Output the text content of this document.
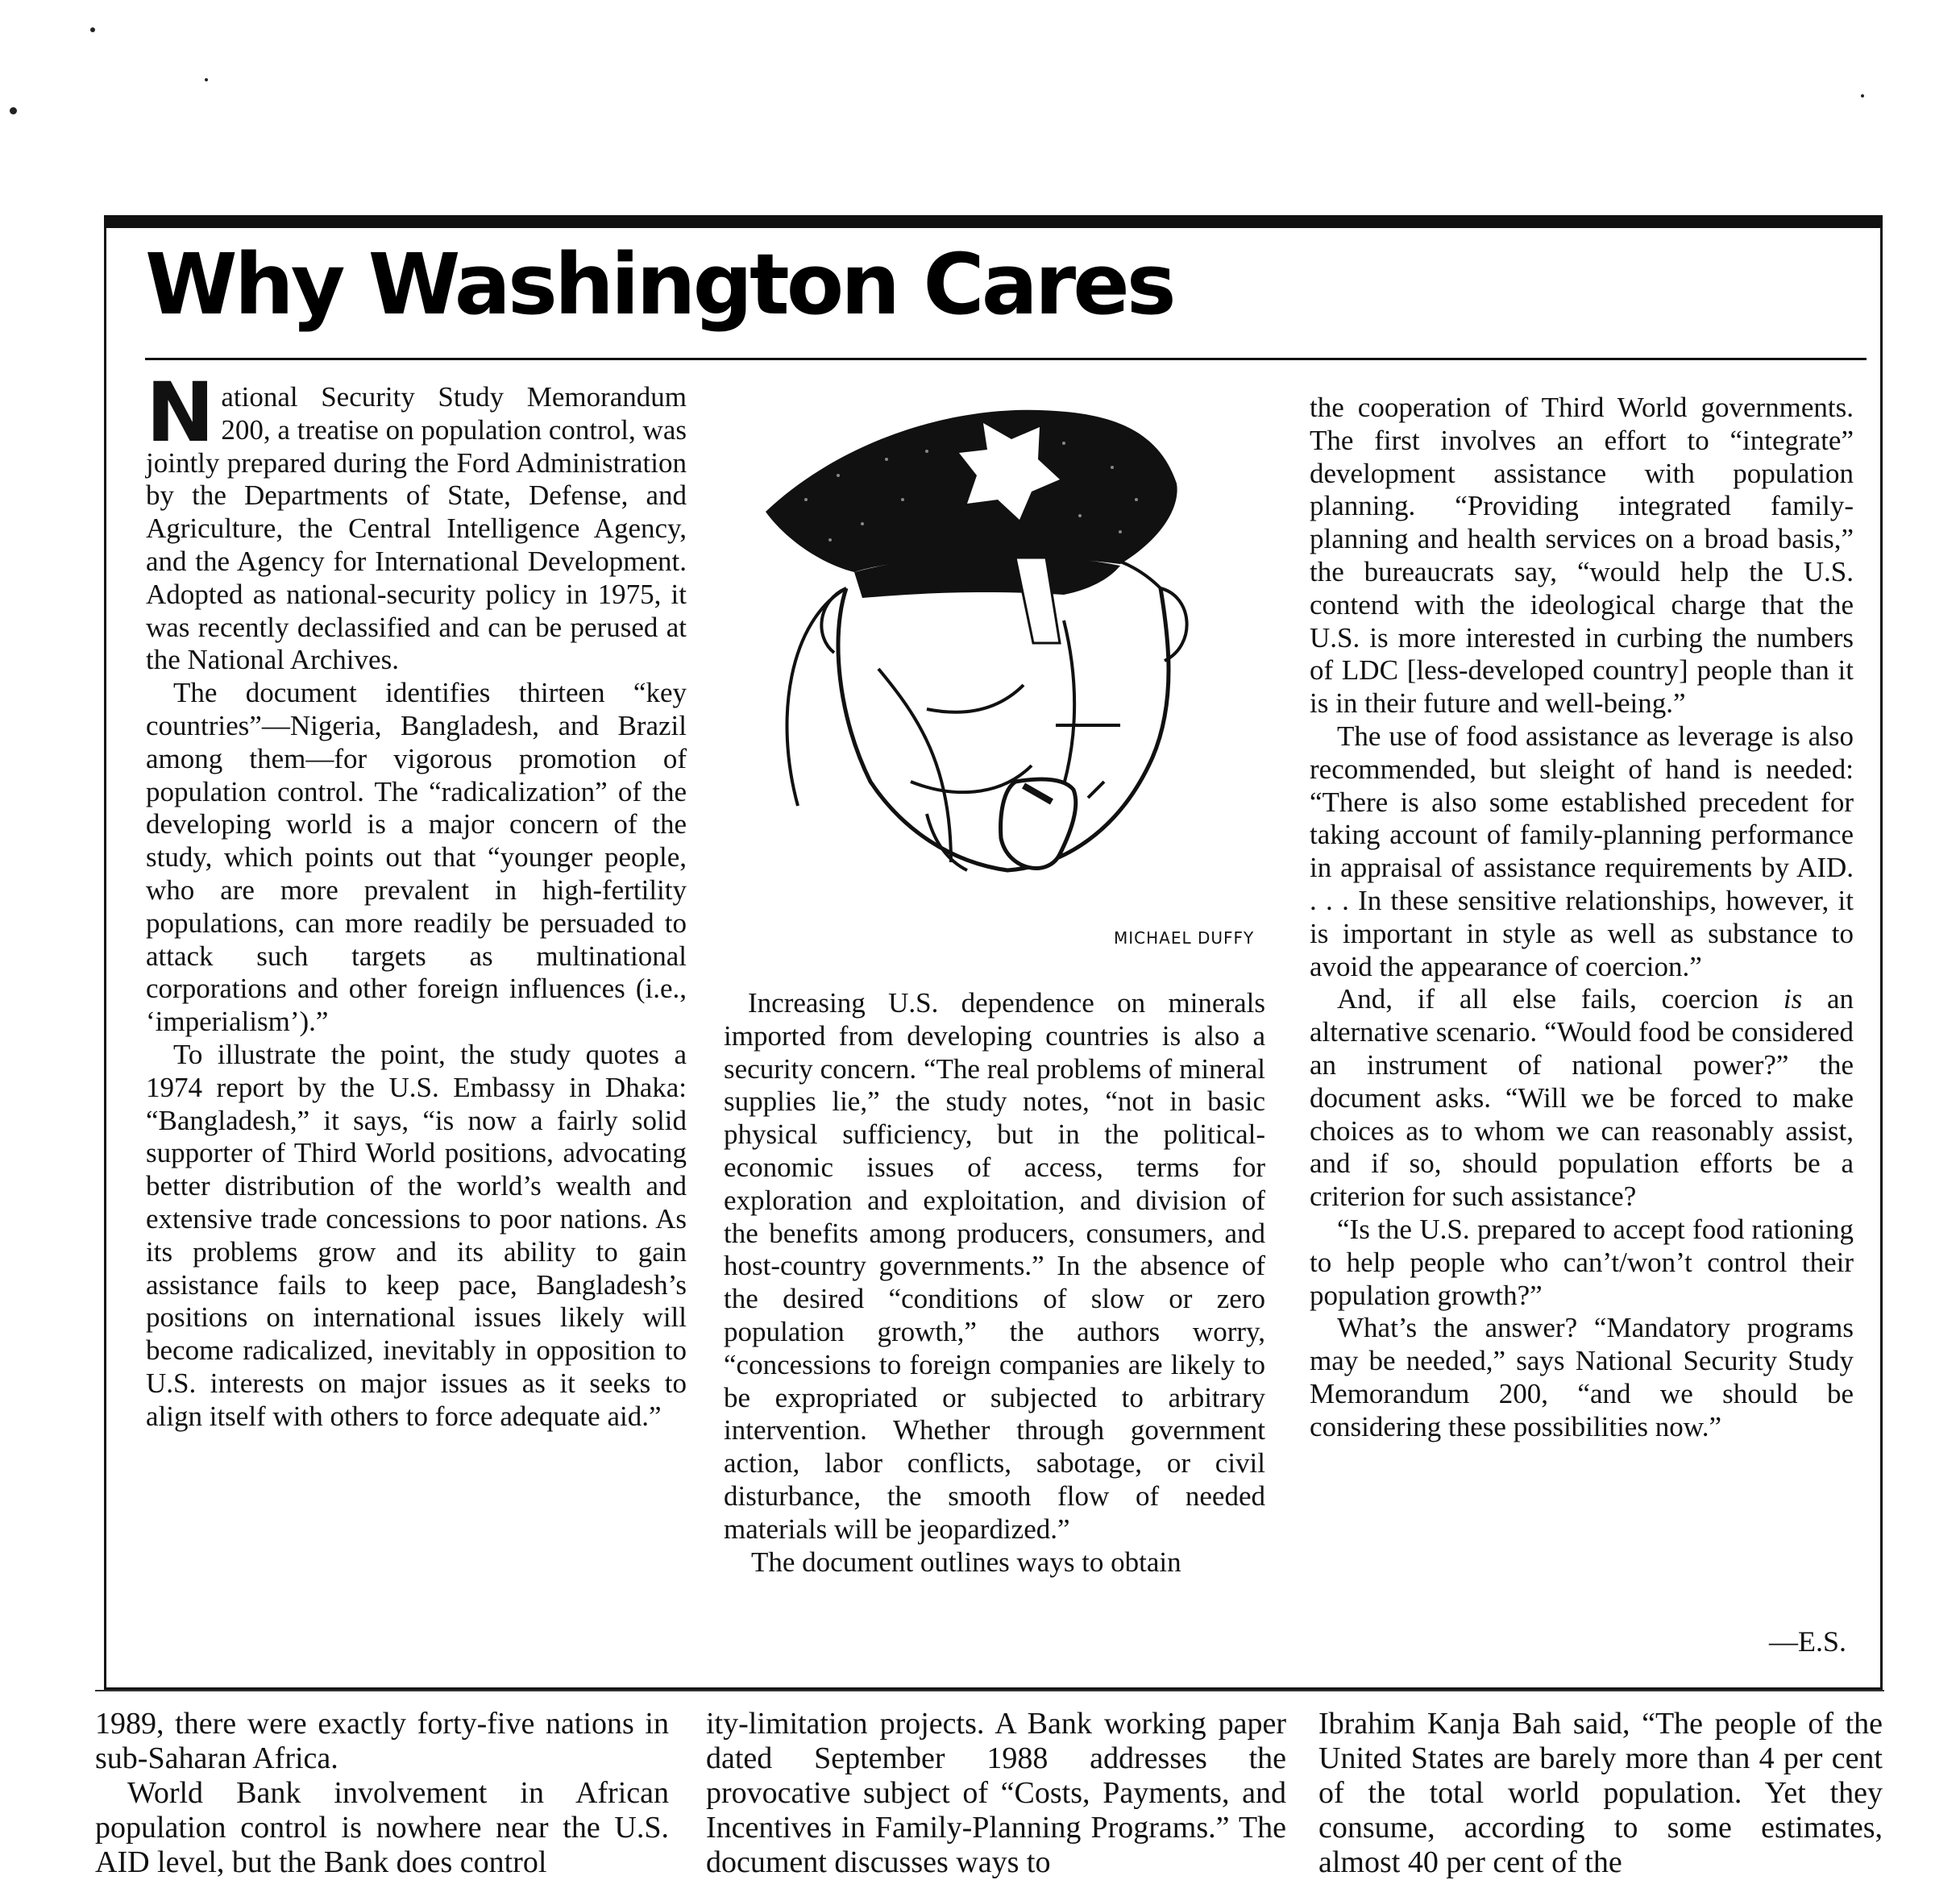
Why Washington Cares

National Security Study Memorandum 200, a treatise on population control, was jointly prepared during the Ford Administration by the Departments of State, Defense, and Agriculture, the Central Intelligence Agency, and the Agency for International Development. Adopted as national-security policy in 1975, it was recently declassified and can be perused at the National Archives.

The document identifies thirteen “key countries”—Nigeria, Bangladesh, and Brazil among them—for vigorous promotion of population control. The “radicalization” of the developing world is a major concern of the study, which points out that “younger people, who are more prevalent in high-fertility populations, can more readily be persuaded to attack such targets as multinational corporations and other foreign influences (i.e., ‘imperialism’).”

To illustrate the point, the study quotes a 1974 report by the U.S. Embassy in Dhaka: “Bangladesh,” it says, “is now a fairly solid supporter of Third World positions, advocating better distribution of the world’s wealth and extensive trade concessions to poor nations. As its problems grow and its ability to gain assistance fails to keep pace, Bangladesh’s positions on international issues likely will become radicalized, inevitably in opposition to U.S. interests on major issues as it seeks to align itself with others to force adequate aid.”

MICHAEL DUFFY

Increasing U.S. dependence on minerals imported from developing countries is also a security concern. “The real problems of mineral supplies lie,” the study notes, “not in basic physical sufficiency, but in the political-economic issues of access, terms for exploration and exploitation, and division of the benefits among producers, consumers, and host-country governments.” In the absence of the desired “conditions of slow or zero population growth,” the authors worry, “concessions to foreign companies are likely to be expropriated or subjected to arbitrary intervention. Whether through government action, labor conflicts, sabotage, or civil disturbance, the smooth flow of needed materials will be jeopardized.”

The document outlines ways to obtain

the cooperation of Third World governments. The first involves an effort to “integrate” development assistance with population planning. “Providing integrated family-planning and health services on a broad basis,” the bureaucrats say, “would help the U.S. contend with the ideological charge that the U.S. is more interested in curbing the numbers of LDC [less-developed country] people than it is in their future and well-being.”

The use of food assistance as leverage is also recommended, but sleight of hand is needed: “There is also some established precedent for taking account of family-planning performance in appraisal of assistance requirements by AID. . . . In these sensitive relationships, however, it is important in style as well as substance to avoid the appearance of coercion.”

And, if all else fails, coercion is an alternative scenario. “Would food be considered an instrument of national power?” the document asks. “Will we be forced to make choices as to whom we can reasonably assist, and if so, should population efforts be a criterion for such assistance?

“Is the U.S. prepared to accept food rationing to help people who can’t/won’t control their population growth?”

What’s the answer? “Mandatory programs may be needed,” says National Security Study Memorandum 200, “and we should be considering these possibilities now.”

—E.S.

1989, there were exactly forty-five nations in sub-Saharan Africa.

World Bank involvement in African population control is nowhere near the U.S. AID level, but the Bank does control

ity-limitation projects. A Bank working paper dated September 1988 addresses the provocative subject of “Costs, Payments, and Incentives in Family-Planning Programs.” The document discusses ways to

Ibrahim Kanja Bah said, “The people of the United States are barely more than 4 per cent of the total world population. Yet they consume, according to some estimates, almost 40 per cent of the
